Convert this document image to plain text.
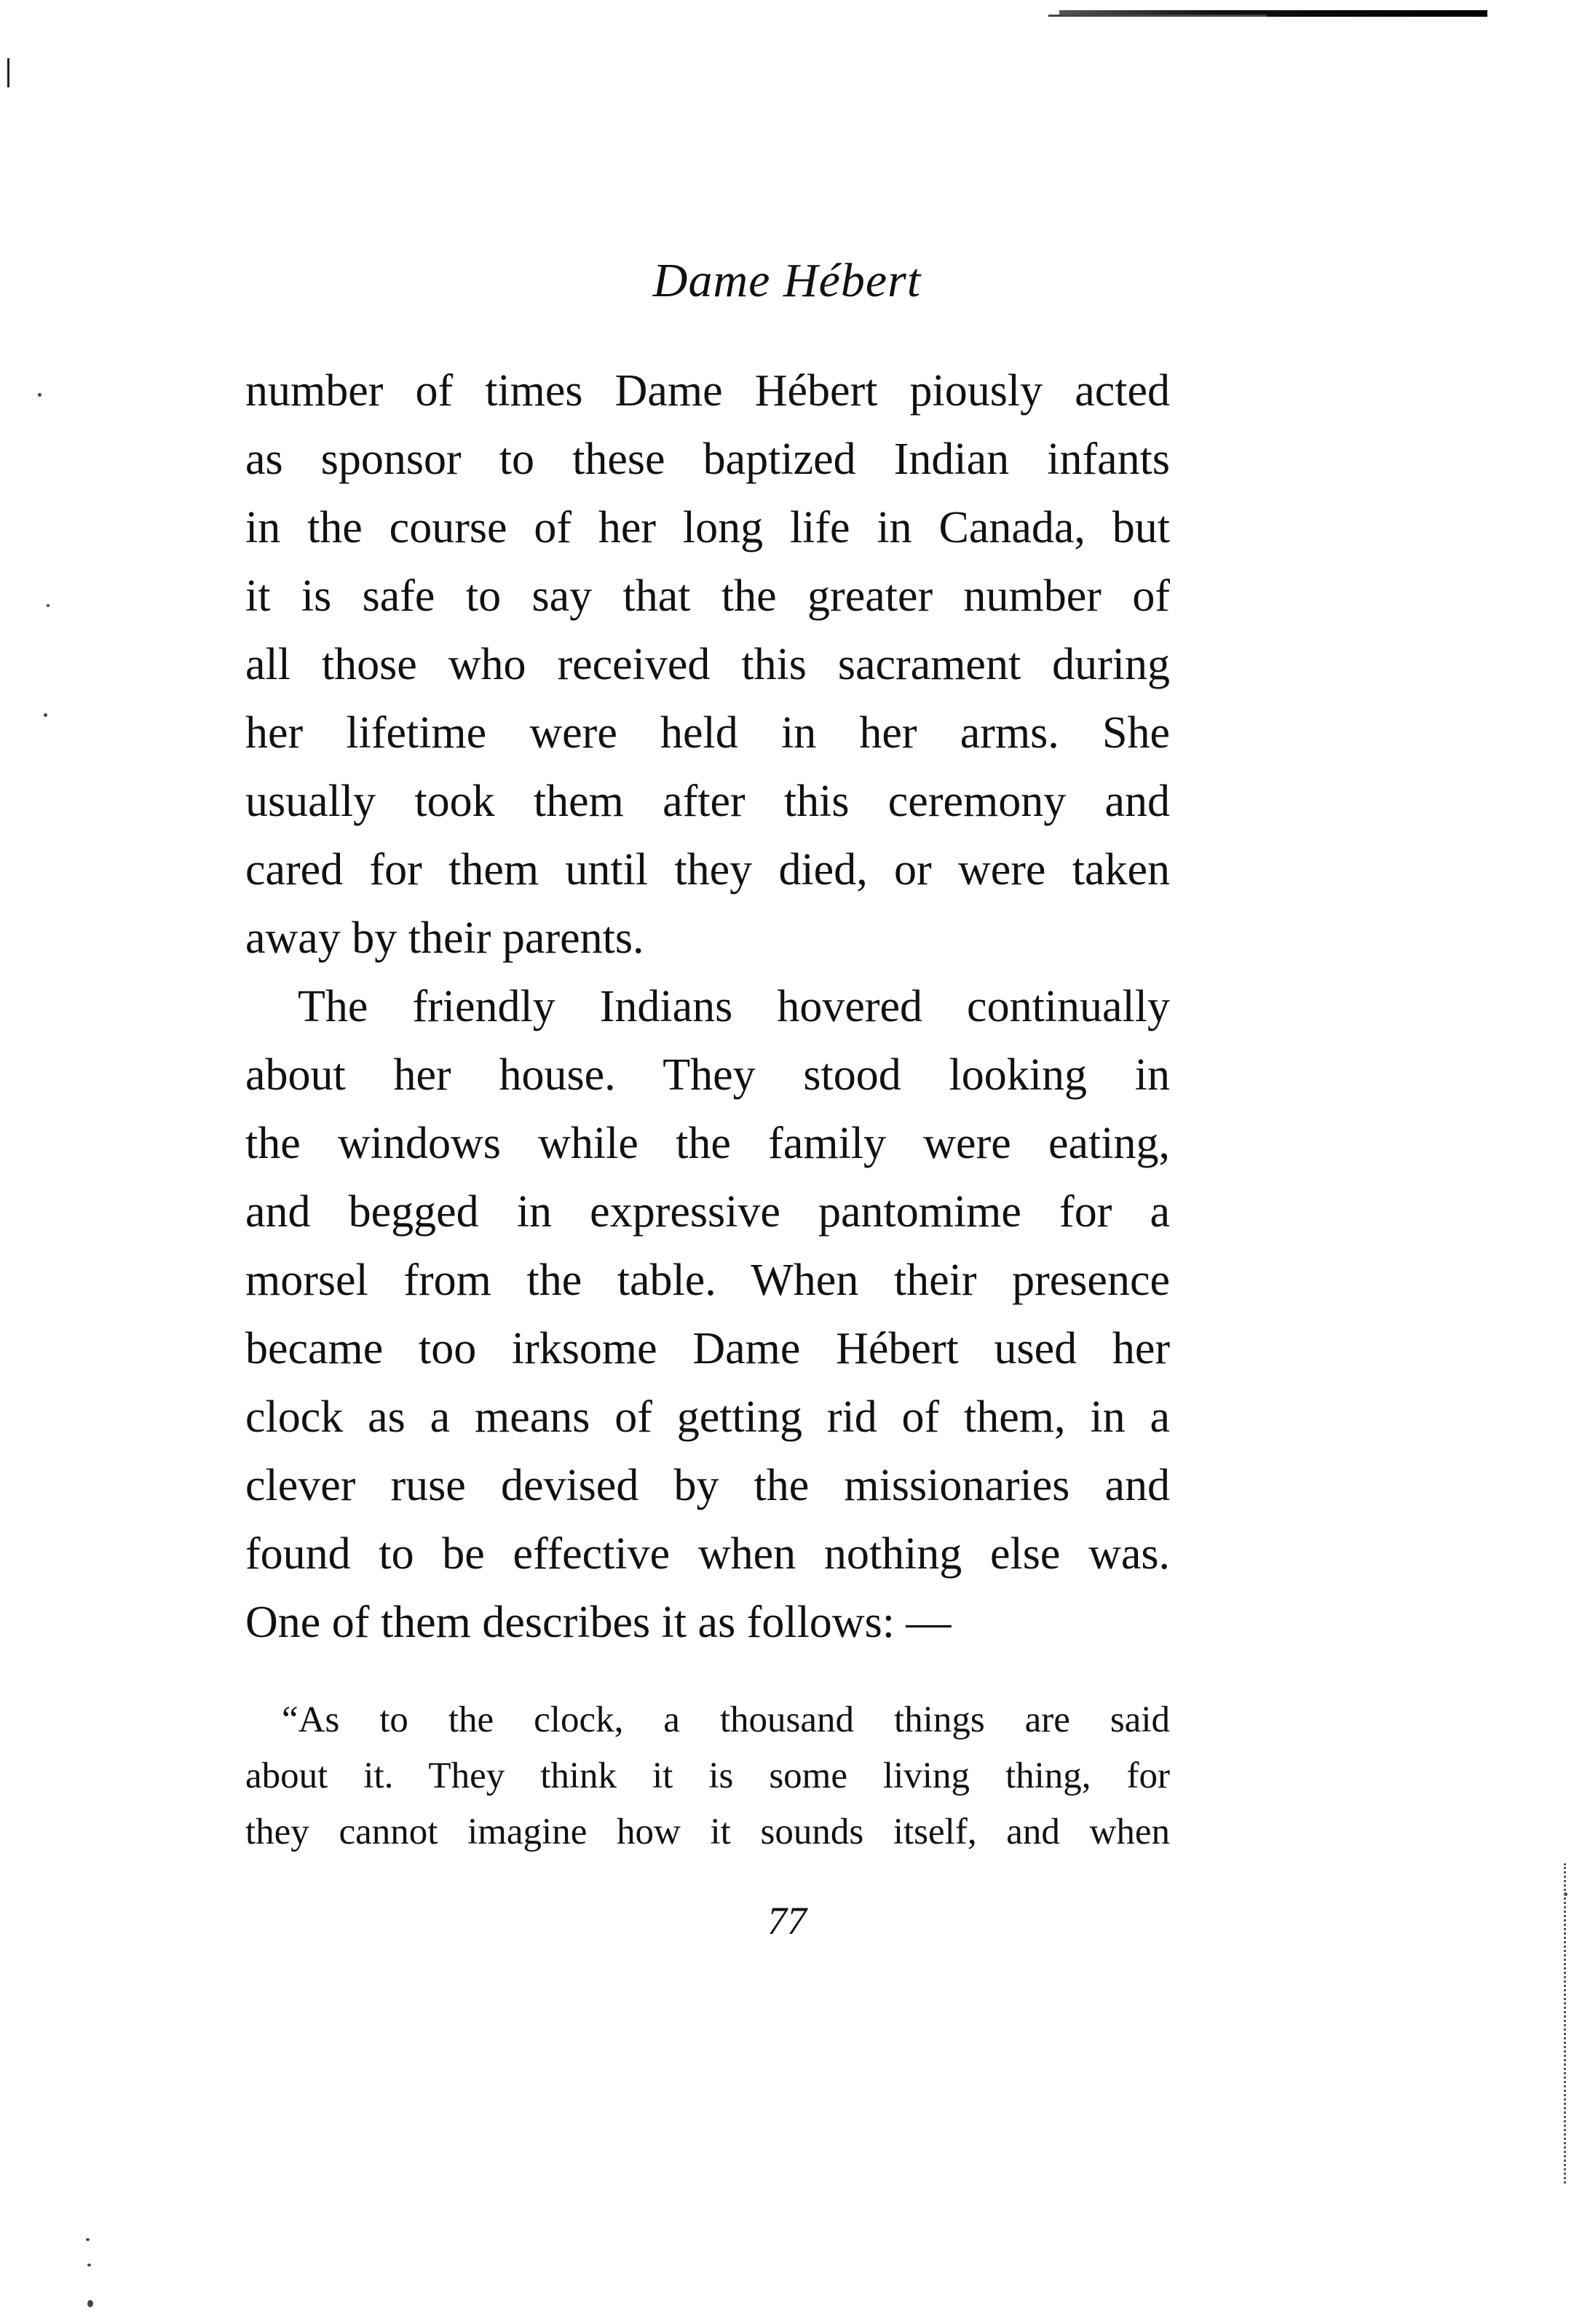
Dame Hébert
number of times Dame Hébert piously acted
as sponsor to these baptized Indian infants
in the course of her long life in Canada, but
it is safe to say that the greater number of
all those who received this sacrament during
her lifetime were held in her arms. She
usually took them after this ceremony and
cared for them until they died, or were taken
away by their parents.
The friendly Indians hovered continually
about her house. They stood looking in
the windows while the family were eating,
and begged in expressive pantomime for a
morsel from the table. When their presence
became too irksome Dame Hébert used her
clock as a means of getting rid of them, in a
clever ruse devised by the missionaries and
found to be effective when nothing else was.
One of them describes it as follows: —
“As to the clock, a thousand things are said
about it. They think it is some living thing, for
they cannot imagine how it sounds itself, and when
77
